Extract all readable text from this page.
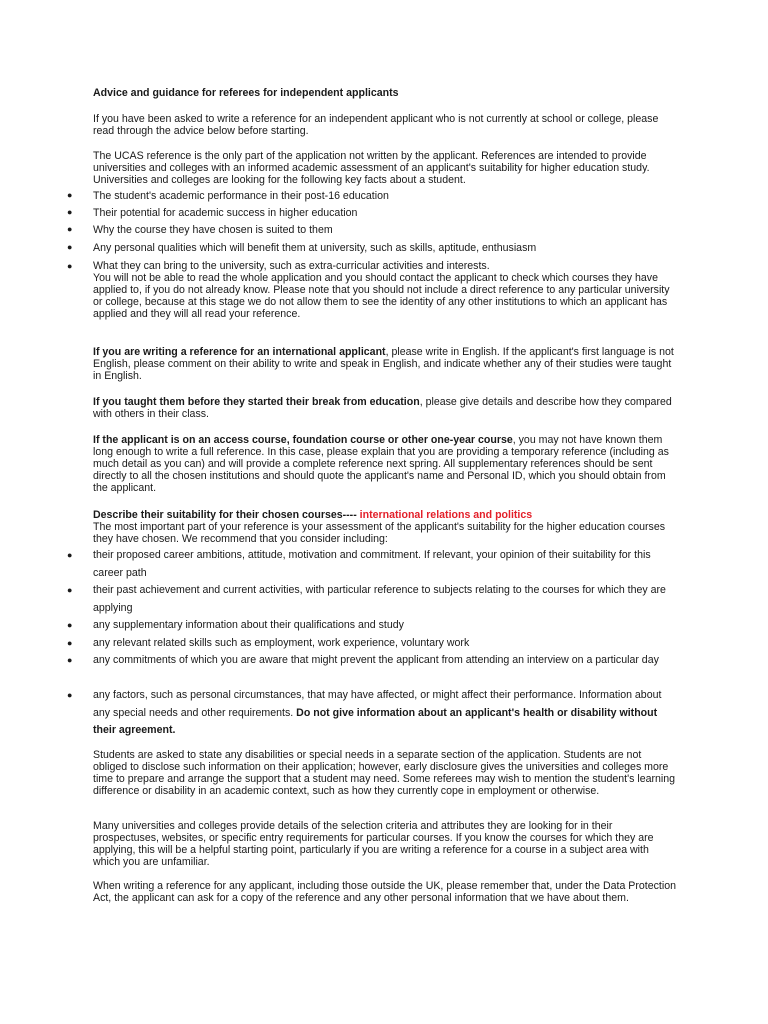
Advice and guidance for referees for independent applicants

If you have been asked to write a reference for an independent applicant who is not currently at school or college, please read through the advice below before starting.

The UCAS reference is the only part of the application not written by the applicant. References are intended to provide universities and colleges with an informed academic assessment of an applicant's suitability for higher education study. Universities and colleges are looking for the following key facts about a student.

● The student's academic performance in their post-16 education
● Their potential for academic success in higher education
● Why the course they have chosen is suited to them
● Any personal qualities which will benefit them at university, such as skills, aptitude, enthusiasm
● What they can bring to the university, such as extra-curricular activities and interests.
You will not be able to read the whole application and you should contact the applicant to check which courses they have applied to, if you do not already know. Please note that you should not include a direct reference to any particular university or college, because at this stage we do not allow them to see the identity of any other institutions to which an applicant has applied and they will all read your reference.

If you are writing a reference for an international applicant, please write in English. If the applicant's first language is not English, please comment on their ability to write and speak in English, and indicate whether any of their studies were taught in English.

If you taught them before they started their break from education, please give details and describe how they compared with others in their class.

If the applicant is on an access course, foundation course or other one-year course, you may not have known them long enough to write a full reference. In this case, please explain that you are providing a temporary reference (including as much detail as you can) and will provide a complete reference next spring. All supplementary references should be sent directly to all the chosen institutions and should quote the applicant's name and Personal ID, which you should obtain from the applicant.

Describe their suitability for their chosen courses---- international relations and politics
The most important part of your reference is your assessment of the applicant's suitability for the higher education courses they have chosen. We recommend that you consider including:

● their proposed career ambitions, attitude, motivation and commitment. If relevant, your opinion of their suitability for this career path
● their past achievement and current activities, with particular reference to subjects relating to the courses for which they are applying
● any supplementary information about their qualifications and study
● any relevant related skills such as employment, work experience, voluntary work
● any commitments of which you are aware that might prevent the applicant from attending an interview on a particular day
● any factors, such as personal circumstances, that may have affected, or might affect their performance. Information about any special needs and other requirements. Do not give information about an applicant's health or disability without their agreement.

Students are asked to state any disabilities or special needs in a separate section of the application. Students are not obliged to disclose such information on their application; however, early disclosure gives the universities and colleges more time to prepare and arrange the support that a student may need. Some referees may wish to mention the student's learning difference or disability in an academic context, such as how they currently cope in employment or otherwise.

Many universities and colleges provide details of the selection criteria and attributes they are looking for in their prospectuses, websites, or specific entry requirements for particular courses. If you know the courses for which they are applying, this will be a helpful starting point, particularly if you are writing a reference for a course in a subject area with which you are unfamiliar.

When writing a reference for any applicant, including those outside the UK, please remember that, under the Data Protection Act, the applicant can ask for a copy of the reference and any other personal information that we have about them.
